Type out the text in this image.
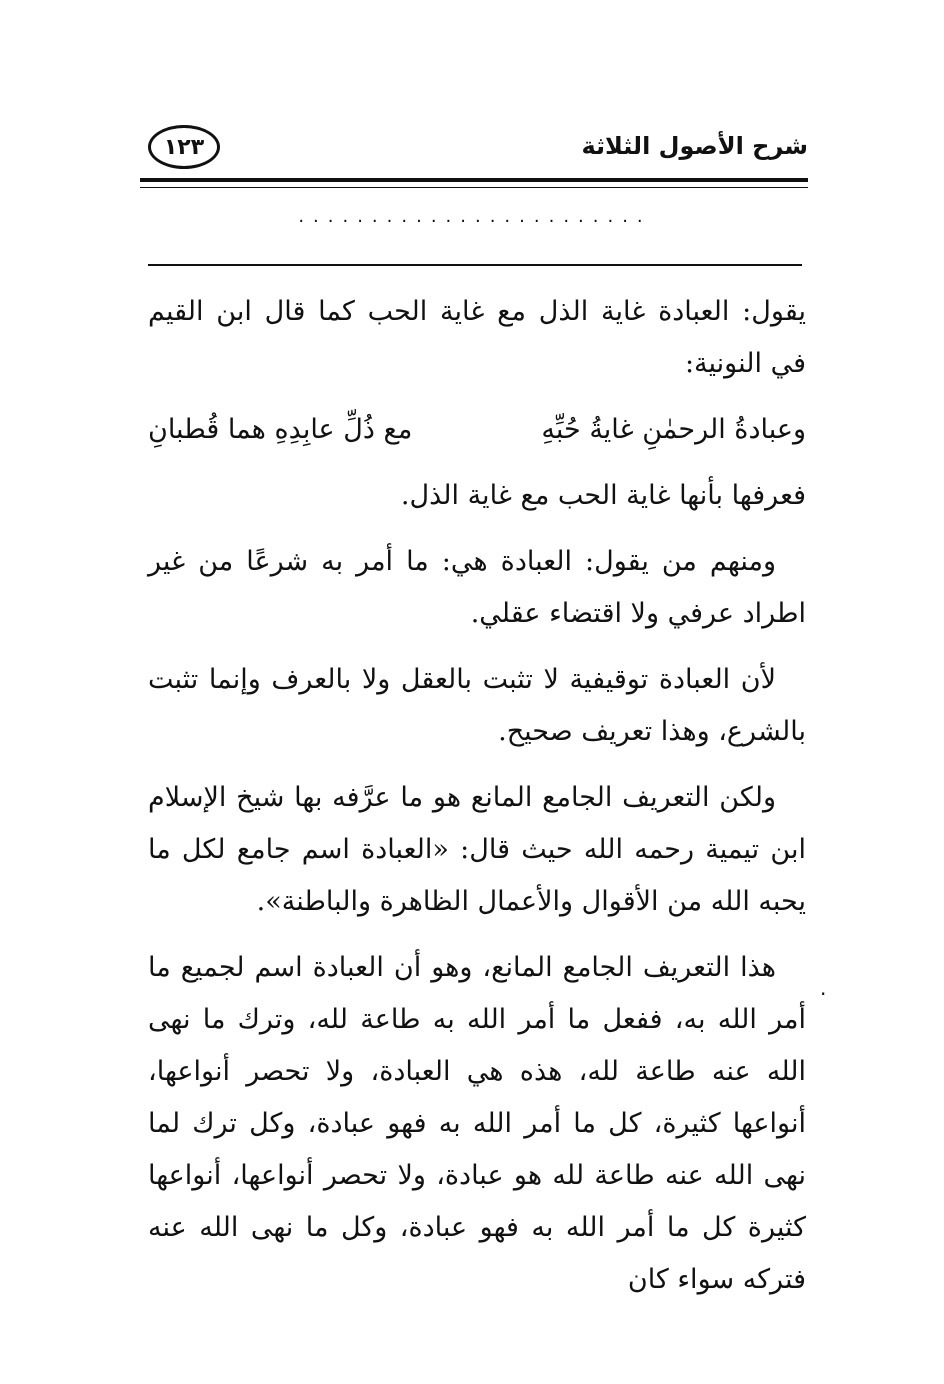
شرح الأصول الثلاثة
١٢٣
........................

يقول: العبادة غاية الذل مع غاية الحب كما قال ابن القيم في النونية:

وعبادةُ الرحمٰنِ غايةُ حُبِّهِ
مع ذُلِّ عابِدِهِ هما قُطبانِ

فعرفها بأنها غاية الحب مع غاية الذل.

ومنهم من يقول: العبادة هي: ما أمر به شرعًا من غير اطراد عرفي ولا اقتضاء عقلي.

لأن العبادة توقيفية لا تثبت بالعقل ولا بالعرف وإنما تثبت بالشرع، وهذا تعريف صحيح.

ولكن التعريف الجامع المانع هو ما عرَّفه بها شيخ الإسلام ابن تيمية رحمه الله حيث قال: «العبادة اسم جامع لكل ما يحبه الله من الأقوال والأعمال الظاهرة والباطنة».

هذا التعريف الجامع المانع، وهو أن العبادة اسم لجميع ما أمر الله به، ففعل ما أمر الله به طاعة لله، وترك ما نهى الله عنه طاعة لله، هذه هي العبادة، ولا تحصر أنواعها، أنواعها كثيرة، كل ما أمر الله به فهو عبادة، وكل ترك لما نهى الله عنه طاعة لله هو عبادة، ولا تحصر أنواعها، أنواعها كثيرة كل ما أمر الله به فهو عبادة، وكل ما نهى الله عنه فتركه سواء كان

.
